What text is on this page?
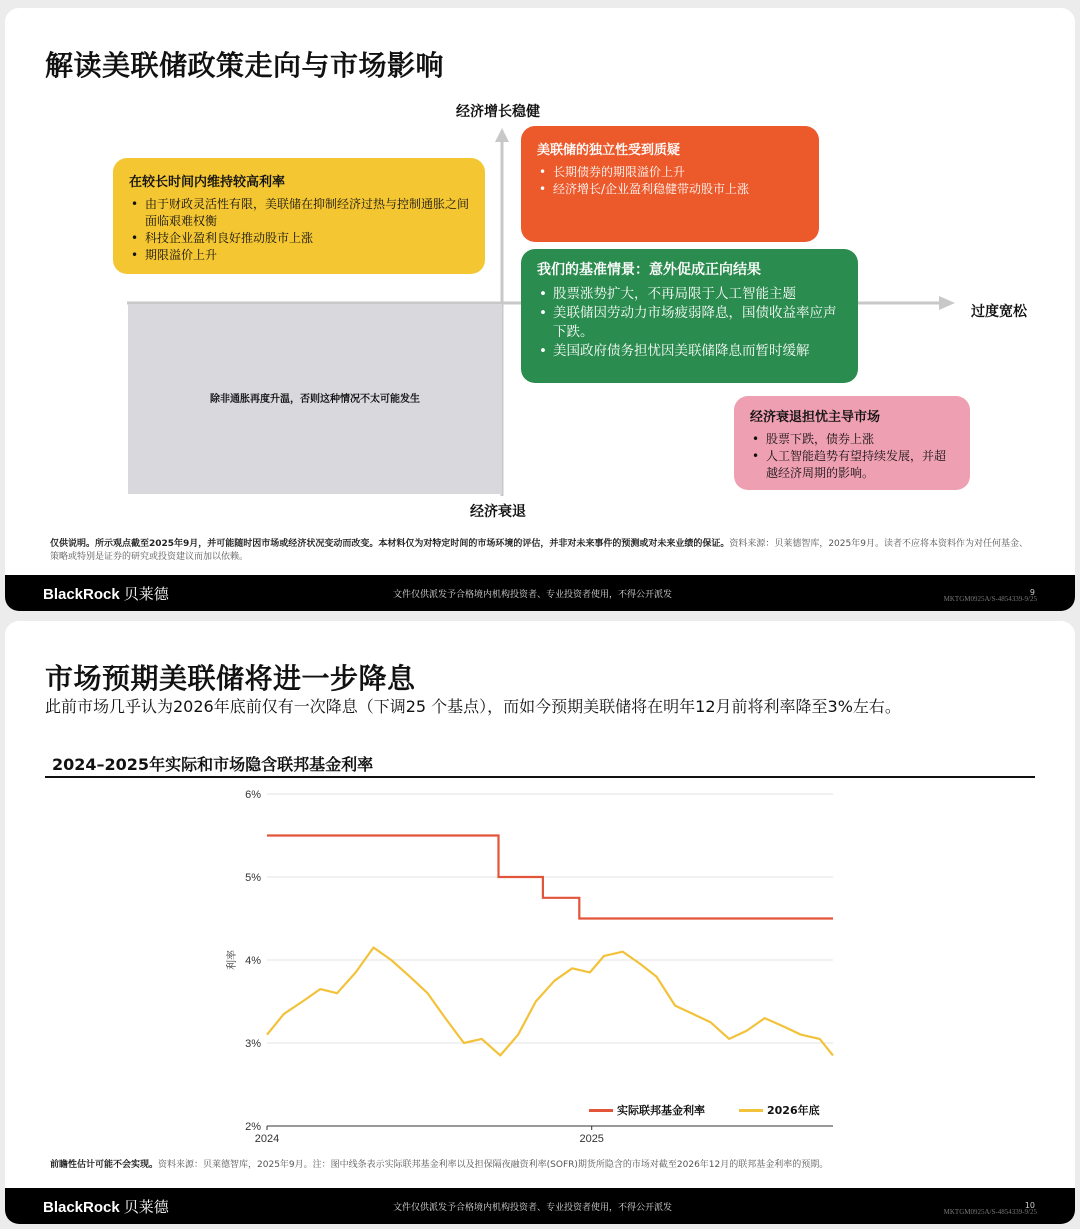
解读美联储政策走向与市场影响
除非通胀再度升温，否则这种情况不太可能发生
经济增长稳健
经济衰退
过度宽松
在较长时间内维持较高利率
• 由于财政灵活性有限，美联储在抑制经济过热与控制通胀之间面临艰难权衡
• 科技企业盈利良好推动股市上涨
• 期限溢价上升
美联储的独立性受到质疑
• 长期债券的期限溢价上升
• 经济增长/企业盈利稳健带动股市上涨
我们的基准情景：意外促成正向结果
• 股票涨势扩大，不再局限于人工智能主题
• 美联储因劳动力市场疲弱降息，国债收益率应声下跌。
• 美国政府债务担忧因美联储降息而暂时缓解
经济衰退担忧主导市场
• 股票下跌，债券上涨
• 人工智能趋势有望持续发展，并超越经济周期的影响。
仅供说明。所示观点截至2025年9月，并可能随时因市场或经济状况变动而改变。本材料仅为对特定时间的市场环境的评估，并非对未来事件的预测或对未来业绩的保证。资料来源：贝莱德智库，2025年9月。读者不应将本资料作为对任何基金、策略或特别是证券的研究或投资建议而加以依赖。
BlackRock 贝莱德	文件仅供派发予合格境内机构投资者、专业投资者使用，不得公开派发	9
MKTGM0925A/S-4854339-9/25
市场预期美联储将进一步降息
此前市场几乎认为2026年底前仅有一次降息（下调25 个基点），而如今预期美联储将在明年12月前将利率降至3%左右。
2024–2025年实际和市场隐含联邦基金利率
2%
3%
4%
5%
6%
2024	2025
利率
实际联邦基金利率	2026年底
前瞻性估计可能不会实现。资料来源：贝莱德智库，2025年9月。注：图中线条表示实际联邦基金利率以及担保隔夜融资利率(SOFR)期货所隐含的市场对截至2026年12月的联邦基金利率的预期。
BlackRock 贝莱德	文件仅供派发予合格境内机构投资者、专业投资者使用，不得公开派发	10
MKTGM0925A/S-4854339-9/25
